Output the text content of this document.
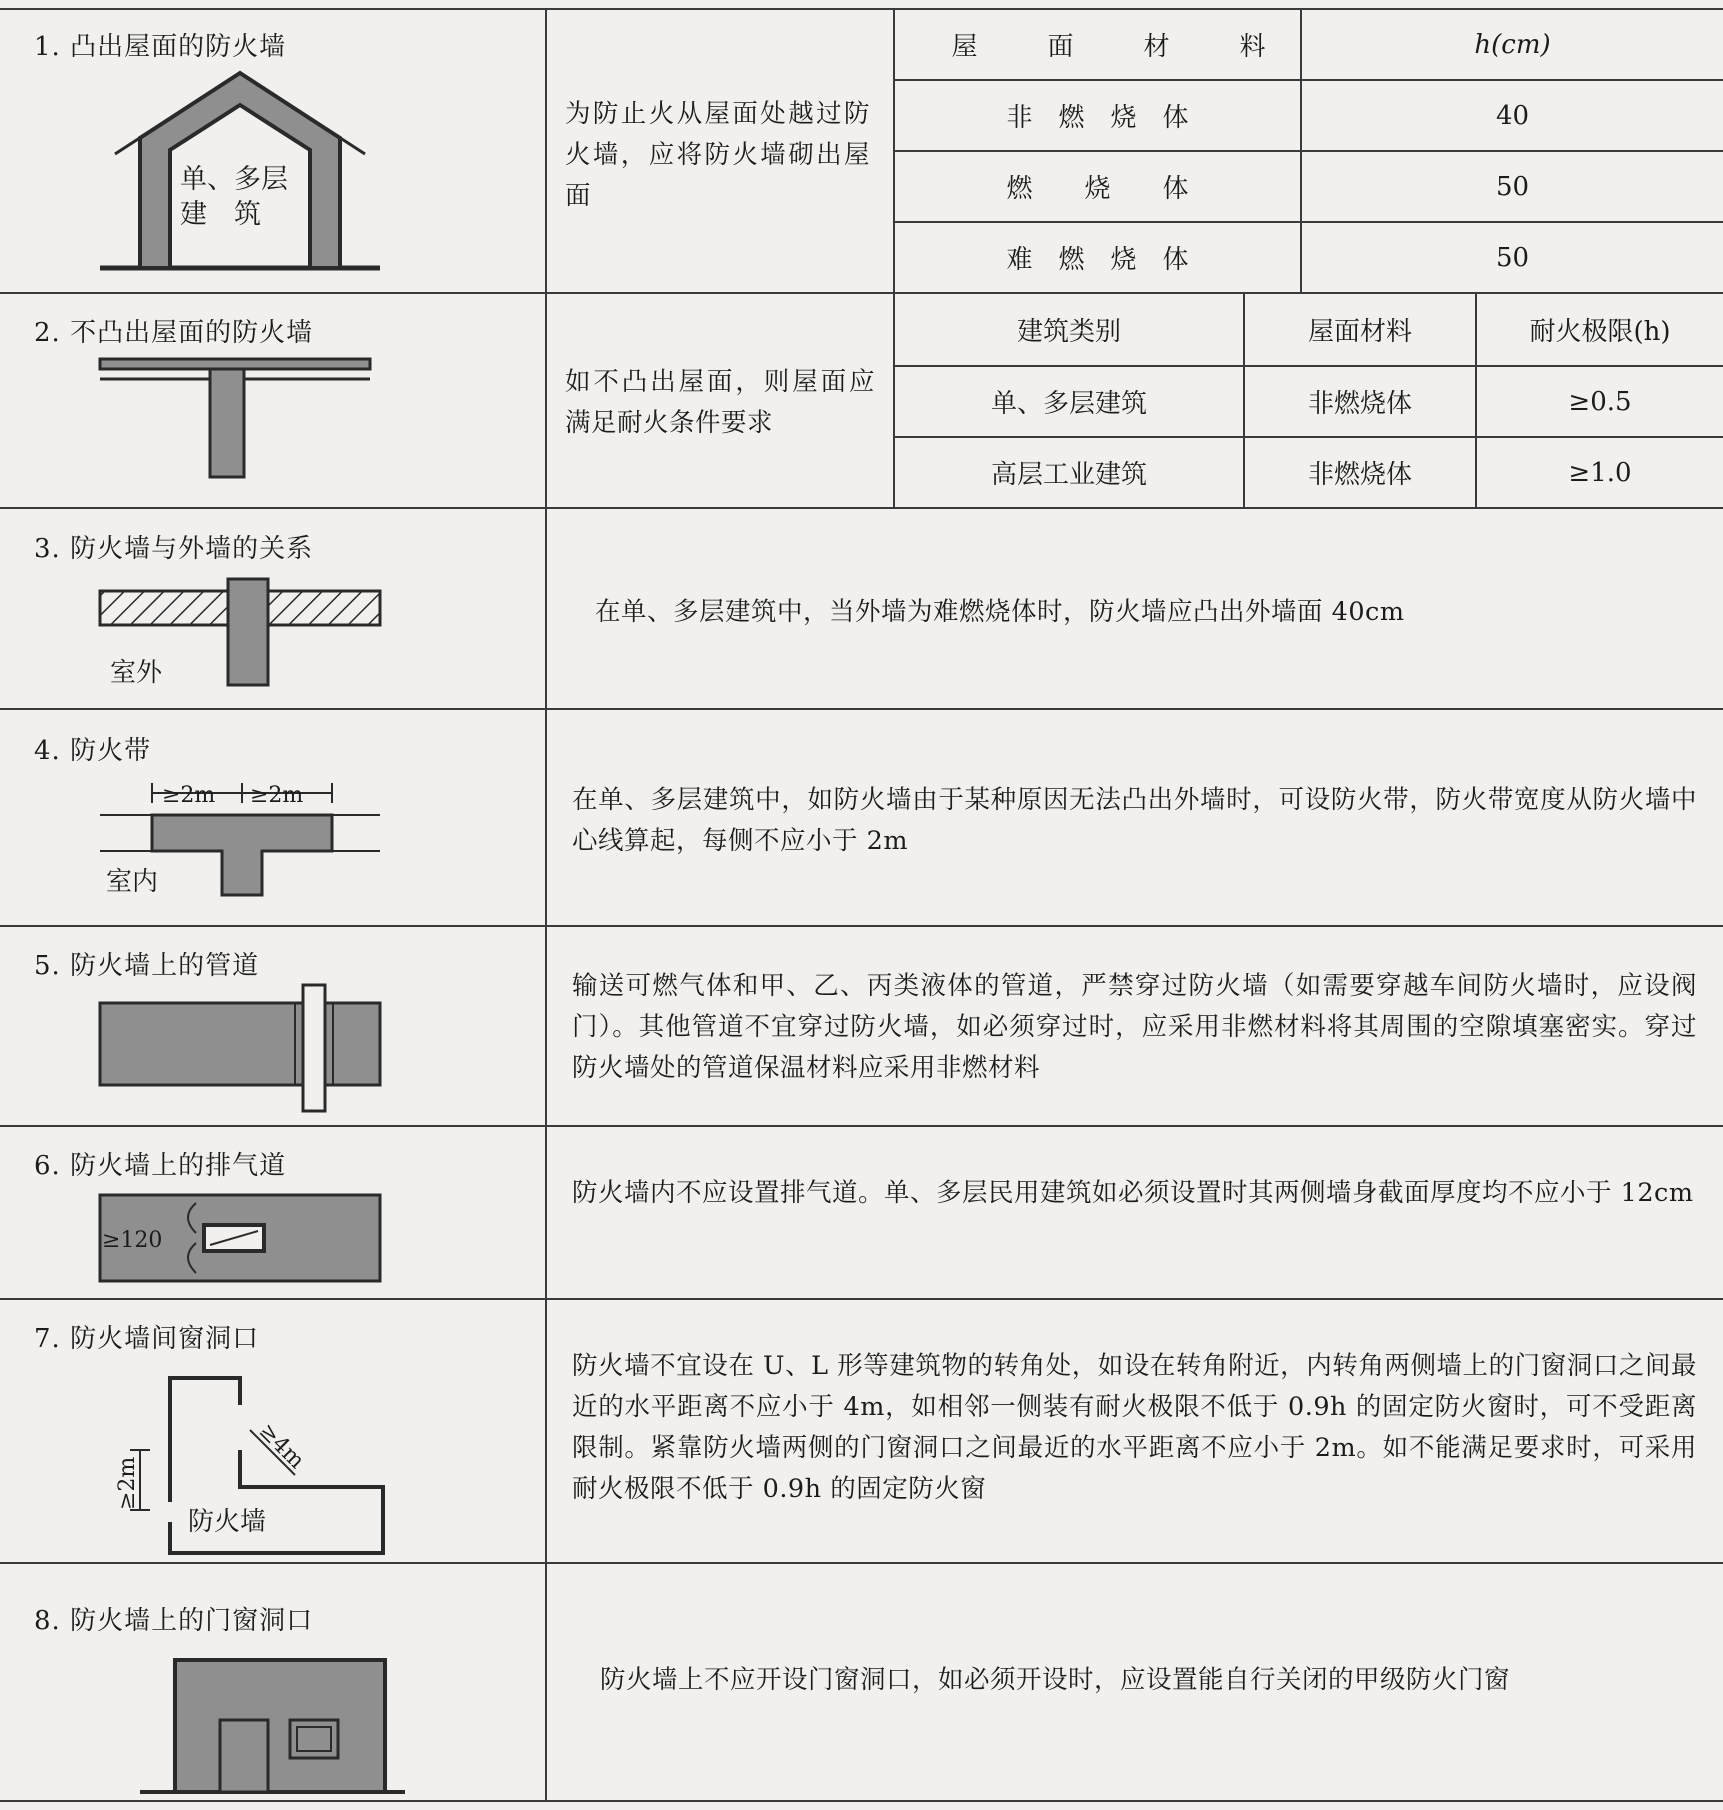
1. 凸出屋面的防火墙
单、多层
建　筑
为防止火从屋面处越过防火墙，应将防火墙砌出屋面
屋　面　材　料	h(cm)
非　燃　烧　体	40
燃　　烧　　体	50
难　燃　烧　体	50
2. 不凸出屋面的防火墙
如不凸出屋面，则屋面应满足耐火条件要求
建筑类别	屋面材料	耐火极限(h)
单、多层建筑	非燃烧体	≥0.5
高层工业建筑	非燃烧体	≥1.0
3. 防火墙与外墙的关系
室外
在单、多层建筑中，当外墙为难燃烧体时，防火墙应凸出外墙面 40cm
4. 防火带
≥2m ≥2m
室内
在单、多层建筑中，如防火墙由于某种原因无法凸出外墙时，可设防火带，防火带宽度从防火墙中心线算起，每侧不应小于 2m
5. 防火墙上的管道
输送可燃气体和甲、乙、丙类液体的管道，严禁穿过防火墙（如需要穿越车间防火墙时，应设阀门）。其他管道不宜穿过防火墙，如必须穿过时，应采用非燃材料将其周围的空隙填塞密实。穿过防火墙处的管道保温材料应采用非燃材料
6. 防火墙上的排气道
≥120
防火墙内不应设置排气道。单、多层民用建筑如必须设置时其两侧墙身截面厚度均不应小于 12cm
7. 防火墙间窗洞口
≥2m
≥4m
防火墙
防火墙不宜设在 U、L 形等建筑物的转角处，如设在转角附近，内转角两侧墙上的门窗洞口之间最近的水平距离不应小于 4m，如相邻一侧装有耐火极限不低于 0.9h 的固定防火窗时，可不受距离限制。紧靠防火墙两侧的门窗洞口之间最近的水平距离不应小于 2m。如不能满足要求时，可采用耐火极限不低于 0.9h 的固定防火窗
8. 防火墙上的门窗洞口
防火墙上不应开设门窗洞口，如必须开设时，应设置能自行关闭的甲级防火门窗
